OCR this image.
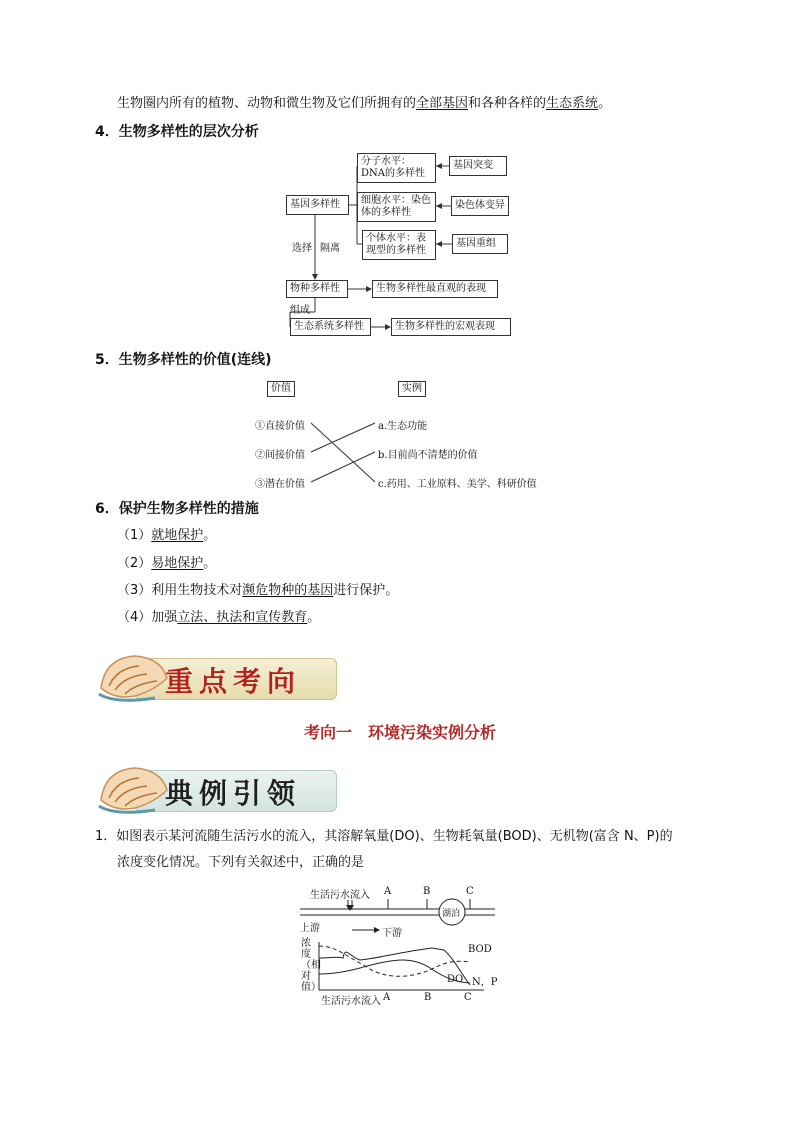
生物圈内所有的植物、动物和微生物及它们所拥有的全部基因和各种各样的生态系统。
4．生物多样性的层次分析
基因多样性
分子水平：DNA的多样性
细胞水平：染色体的多样性
个体水平：表现型的多样性
基因突变
染色体变异
基因重组
选择 隔离
物种多样性	生物多样性最直观的表现
组成
生态系统多样性	生物多样性的宏观表现
5．生物多样性的价值(连线)
价值	实例
①直接价值
②间接价值
③潜在价值
a.生态功能
b.目前尚不清楚的价值
c.药用、工业原料、美学、科研价值
6．保护生物多样性的措施
（1）就地保护。
（2）易地保护。
（3）利用生物技术对濒危物种的基因进行保护。
（4）加强立法、执法和宣传教育。
重点考向
考向一　环境污染实例分析
典例引领
1．如图表示某河流随生活污水的流入，其溶解氧量(DO)、生物耗氧量(BOD)、无机物(富含 N、P)的
浓度变化情况。下列有关叙述中，正确的是
生活污水流入 A	B	C
湖泊
上游	下游
浓度（相对值）
BOD
DO N，P
生活污水流入 A	B	C
